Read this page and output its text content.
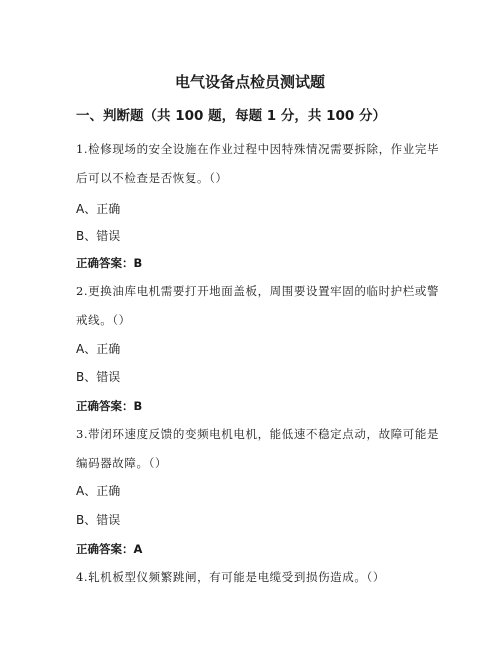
电气设备点检员测试题
一、判断题（共 100 题，每题 1 分，共 100 分）

1.检修现场的安全设施在作业过程中因特殊情况需要拆除，作业完毕

后可以不检查是否恢复。（）

A、正确

B、错误

正确答案：B

2.更换油库电机需要打开地面盖板，周围要设置牢固的临时护栏或警

戒线。（）

A、正确

B、错误

正确答案：B

3.带闭环速度反馈的变频电机电机，能低速不稳定点动，故障可能是

编码器故障。（）

A、正确

B、错误

正确答案：A

4.轧机板型仪频繁跳闸，有可能是电缆受到损伤造成。（）
